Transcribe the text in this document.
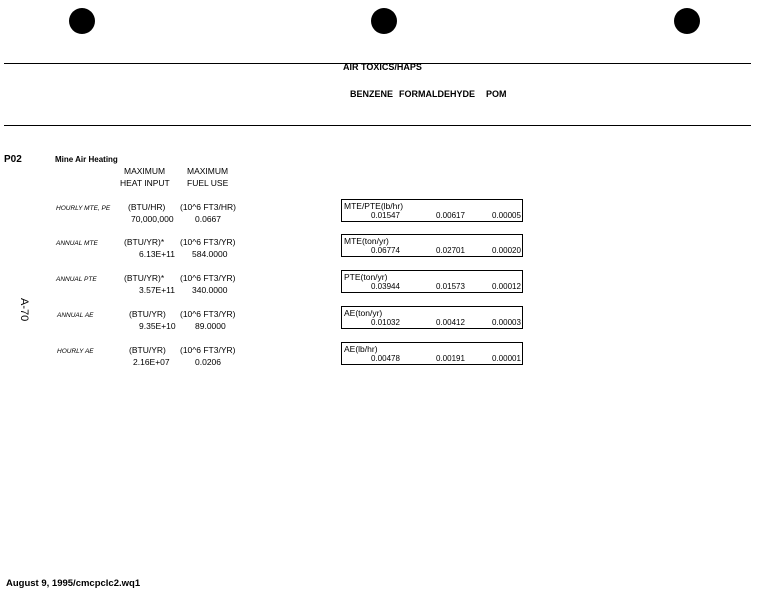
AIR TOXICS/HAPS
BENZENE FORMALDEHYDE POM
P02	Mine Air Heating
MAXIMUM
HEAT INPUT
MAXIMUM
FUEL USE
HOURLY MTE, PE (BTU/HR) (10^6 FT3/HR)
70,000,000	0.0667
MTE/PTE(lb/hr)
0.01547	0.00617	0.00005
ANNUAL MTE	(BTU/YR)* (10^6 FT3/YR)
6.13E+11 584.0000
MTE(ton/yr)
0.06774	0.02701	0.00020
ANNUAL PTE	(BTU/YR)* (10^6 FT3/YR)
3.57E+11 340.0000
PTE(ton/yr)
0.03944	0.01573	0.00012
ANNUAL AE	(BTU/YR) (10^6 FT3/YR)
9.35E+10 89.0000
AE(ton/yr)
0.01032	0.00412	0.00003
HOURLY AE	(BTU/YR) (10^6 FT3/YR)
2.16E+07	0.0206
AE(lb/hr)
0.00478	0.00191	0.00001
A-70
August 9, 1995/cmcpclc2.wq1
